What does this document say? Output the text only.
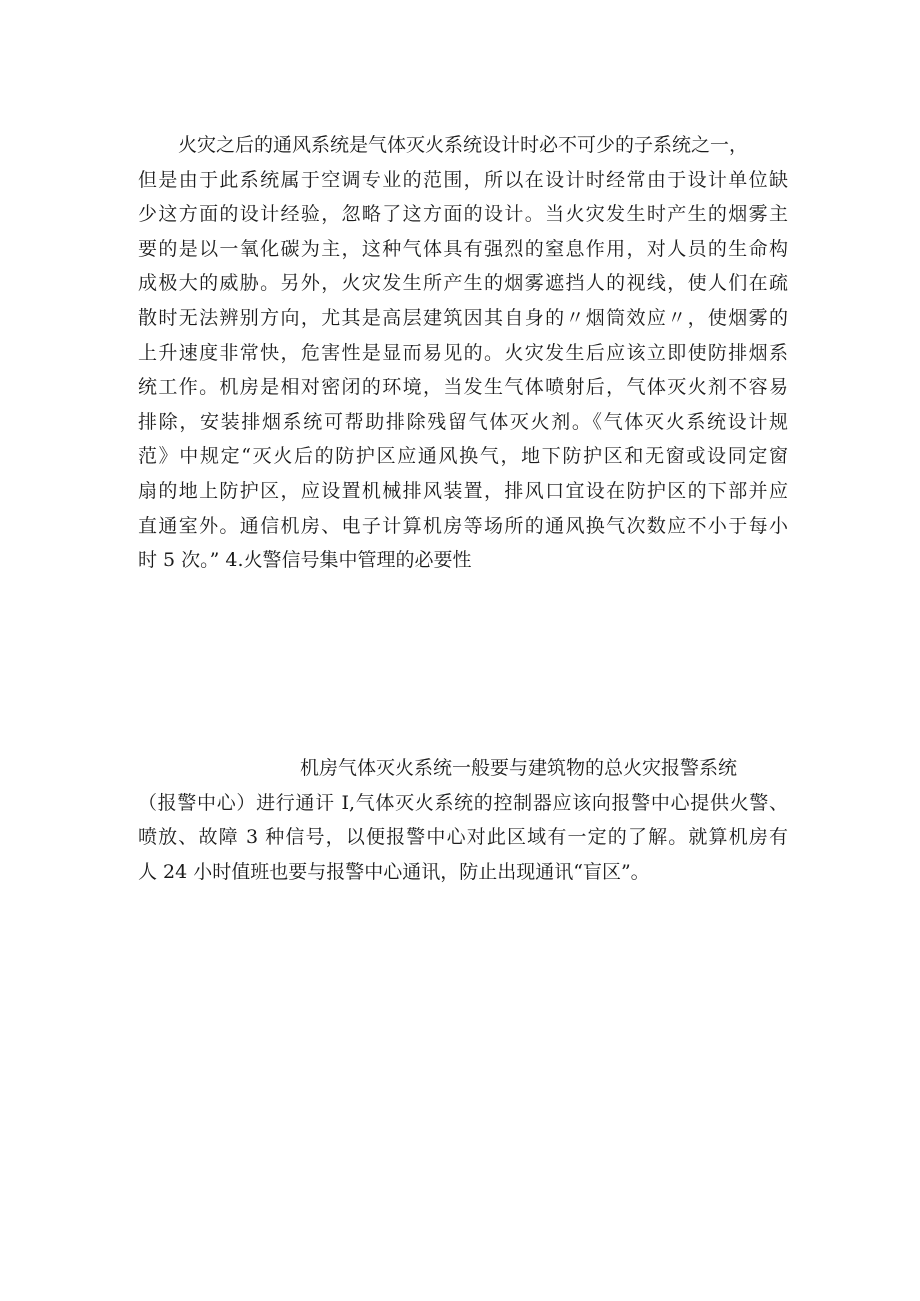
火灾之后的通风系统是气体灭火系统设计时必不可少的子系统之一，
但是由于此系统属于空调专业的范围，所以在设计时经常由于设计单位缺
少这方面的设计经验，忽略了这方面的设计。当火灾发生时产生的烟雾主
要的是以一氧化碳为主，这种气体具有强烈的窒息作用，对人员的生命构
成极大的威胁。另外，火灾发生所产生的烟雾遮挡人的视线，使人们在疏
散时无法辨别方向，尤其是高层建筑因其自身的〃烟筒效应〃，使烟雾的
上升速度非常快，危害性是显而易见的。火灾发生后应该立即使防排烟系
统工作。机房是相对密闭的环境，当发生气体喷射后，气体灭火剂不容易
排除，安装排烟系统可帮助排除残留气体灭火剂。《气体灭火系统设计规
范》中规定“灭火后的防护区应通风换气，地下防护区和无窗或设同定窗
扇的地上防护区，应设置机械排风装置，排风口宜设在防护区的下部并应
直通室外。通信机房、电子计算机房等场所的通风换气次数应不小于每小
时 5 次。” 4.火警信号集中管理的必要性
机房气体灭火系统一般要与建筑物的总火灾报警系统
（报警中心）进行通讦 I,气体灭火系统的控制器应该向报警中心提供火警、
喷放、故障 3 种信号，以便报警中心对此区域有一定的了解。就算机房有
人 24 小时值班也要与报警中心通讯，防止出现通讯“盲区”。
